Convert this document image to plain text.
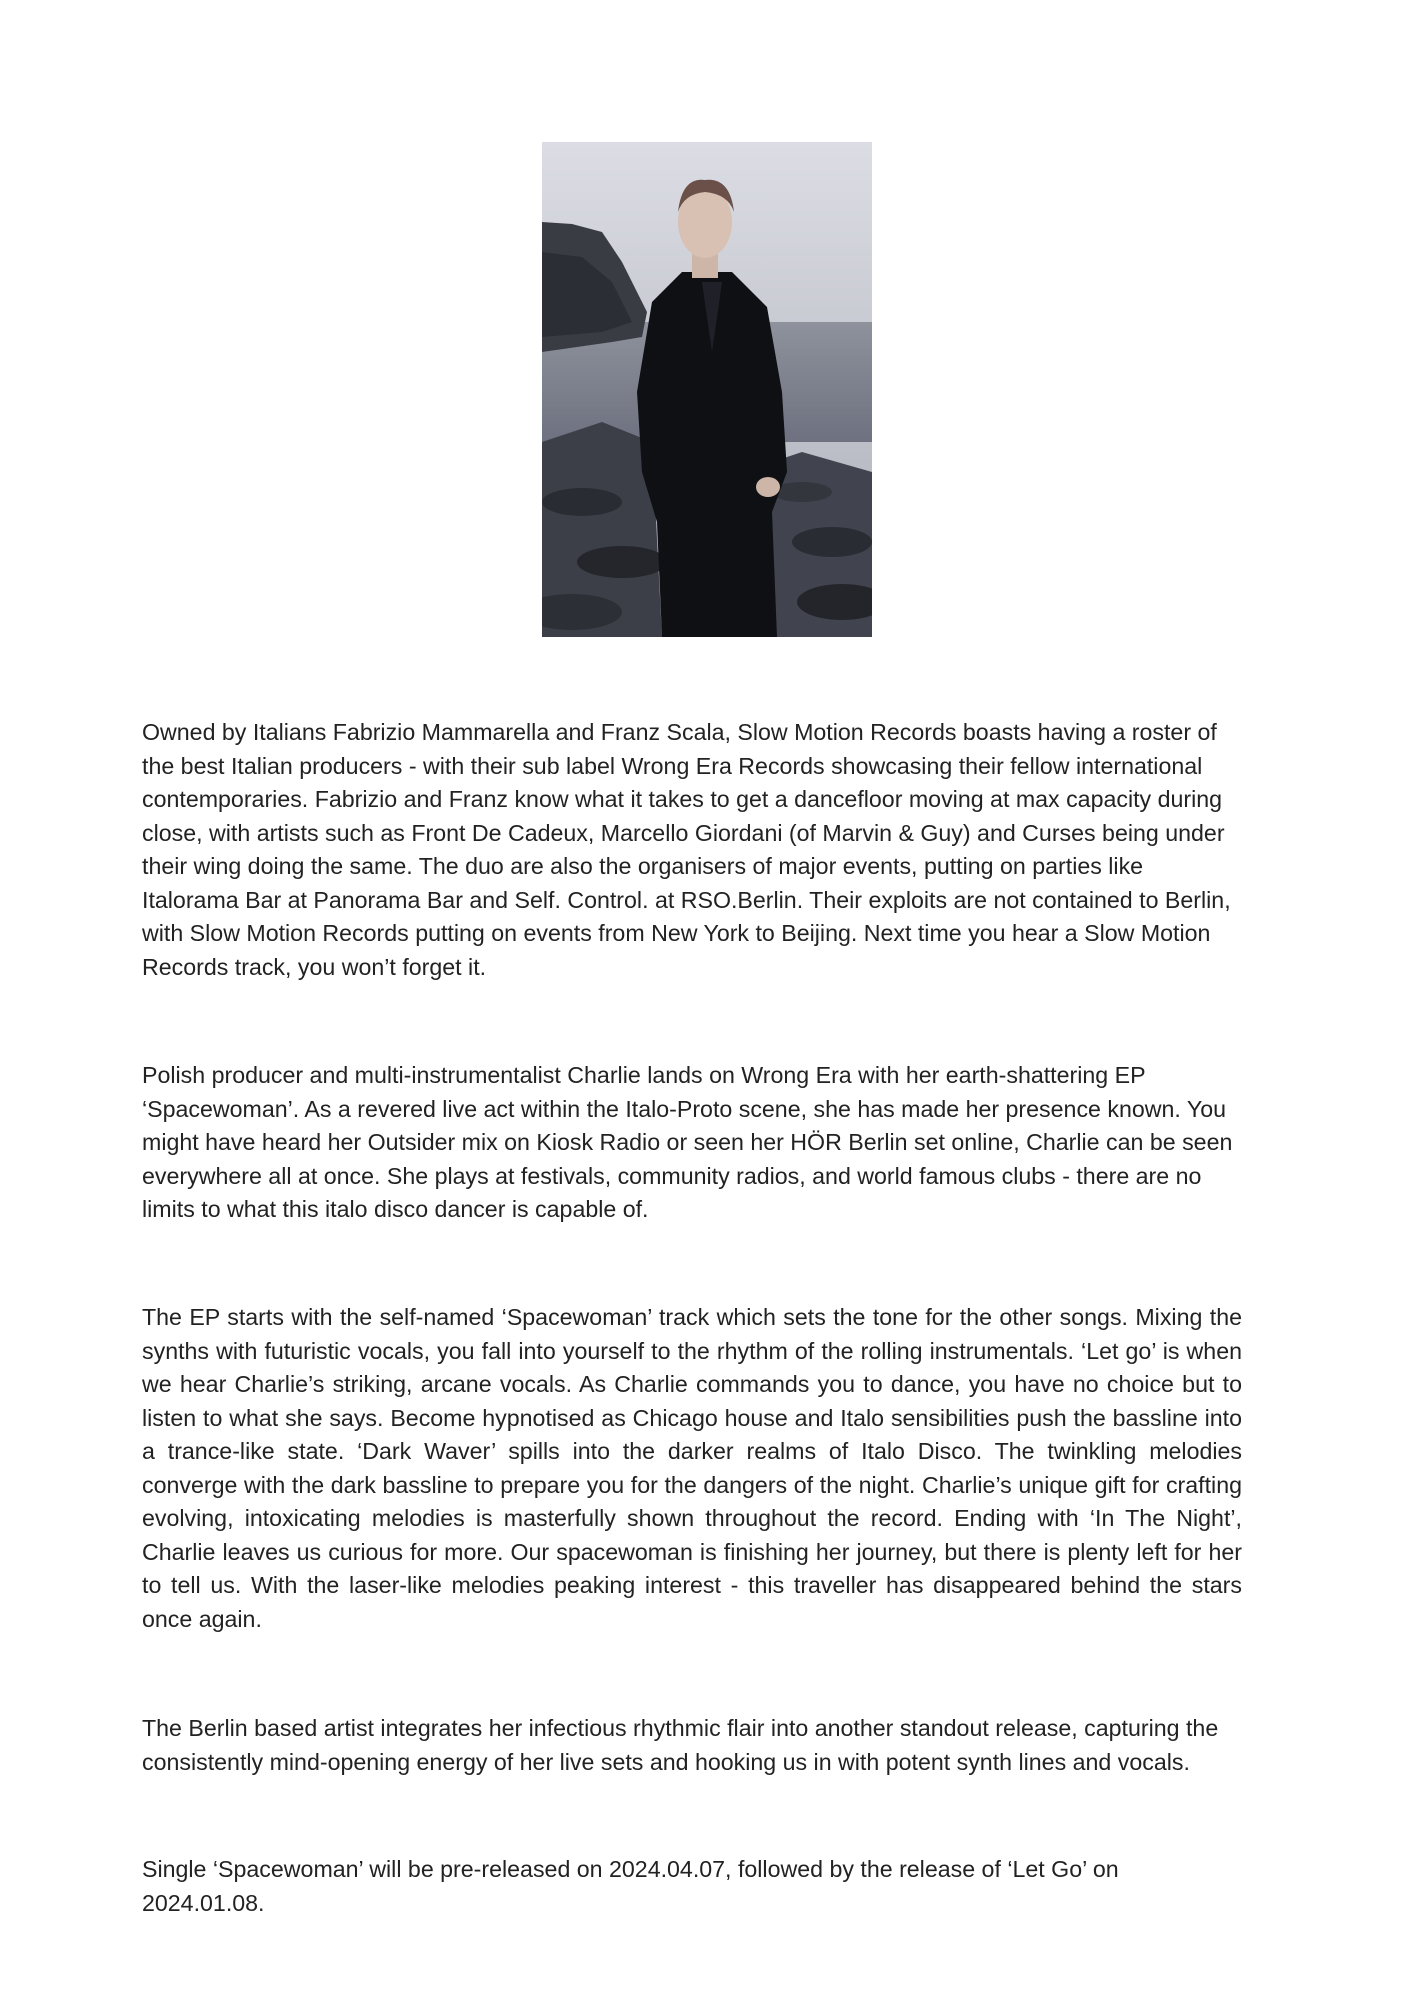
Owned by Italians Fabrizio Mammarella and Franz Scala, Slow Motion Records boasts having a roster of the best Italian producers - with their sub label Wrong Era Records showcasing their fellow international contemporaries. Fabrizio and Franz know what it takes to get a dancefloor moving at max capacity during close, with artists such as Front De Cadeux, Marcello Giordani (of Marvin & Guy) and Curses being under their wing doing the same. The duo are also the organisers of major events, putting on parties like Italorama Bar at Panorama Bar and Self. Control. at RSO.Berlin. Their exploits are not contained to Berlin, with Slow Motion Records putting on events from New York to Beijing. Next time you hear a Slow Motion Records track, you won’t forget it.

Polish producer and multi-instrumentalist Charlie lands on Wrong Era with her earth-shattering EP ‘Spacewoman’. As a revered live act within the Italo-Proto scene, she has made her presence known. You might have heard her Outsider mix on Kiosk Radio or seen her HÖR Berlin set online, Charlie can be seen everywhere all at once. She plays at festivals, community radios, and world famous clubs - there are no limits to what this italo disco dancer is capable of.

The EP starts with the self-named ‘Spacewoman’ track which sets the tone for the other songs. Mixing the synths with futuristic vocals, you fall into yourself to the rhythm of the rolling instrumentals. ‘Let go’ is when we hear Charlie’s striking, arcane vocals. As Charlie commands you to dance, you have no choice but to listen to what she says. Become hypnotised as Chicago house and Italo sensibilities push the bassline into a trance-like state. ‘Dark Waver’ spills into the darker realms of Italo Disco. The twinkling melodies converge with the dark bassline to prepare you for the dangers of the night. Charlie’s unique gift for crafting evolving, intoxicating melodies is masterfully shown throughout the record. Ending with ‘In The Night’, Charlie leaves us curious for more. Our spacewoman is finishing her journey, but there is plenty left for her to tell us. With the laser-like melodies peaking interest - this traveller has disappeared behind the stars once again.

The Berlin based artist integrates her infectious rhythmic flair into another standout release, capturing the consistently mind-opening energy of her live sets and hooking us in with potent synth lines and vocals.

Single ‘Spacewoman’ will be pre-released on 2024.04.07, followed by the release of ‘Let Go’ on 2024.01.08.
